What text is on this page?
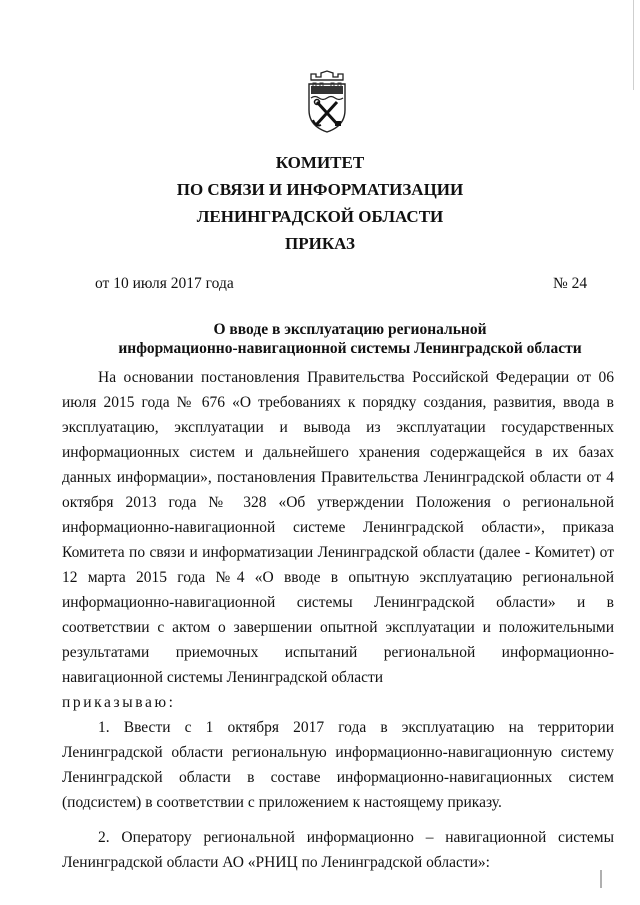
КОМИТЕТ
ПО СВЯЗИ И ИНФОРМАТИЗАЦИИ
ЛЕНИНГРАДСКОЙ ОБЛАСТИ
ПРИКАЗ
от 10 июля 2017 года	№ 24
О вводе в эксплуатацию региональной
информационно-навигационной системы Ленинградской области

На основании постановления Правительства Российской Федерации от 06 июля 2015 года № 676 «О требованиях к порядку создания, развития, ввода в эксплуатацию, эксплуатации и вывода из эксплуатации государственных информационных систем и дальнейшего хранения содержащейся в их базах данных информации», постановления Правительства Ленинградской области от 4 октября 2013 года № 328 «Об утверждении Положения о региональной информационно-навигационной системе Ленинградской области», приказа Комитета по связи и информатизации Ленинградской области (далее - Комитет) от 12 марта 2015 года №4 «О вводе в опытную эксплуатацию региональной информационно-навигационной системы Ленинградской области» и в соответствии с актом о завершении опытной эксплуатации и положительными результатами приемочных испытаний региональной информационно-навигационной системы Ленинградской области

приказываю:

1. Ввести с 1 октября 2017 года в эксплуатацию на территории Ленинградской области региональную информационно-навигационную систему Ленинградской области в составе информационно-навигационных систем (подсистем) в соответствии с приложением к настоящему приказу.

2. Оператору региональной информационно – навигационной системы Ленинградской области АО «РНИЦ по Ленинградской области»:
